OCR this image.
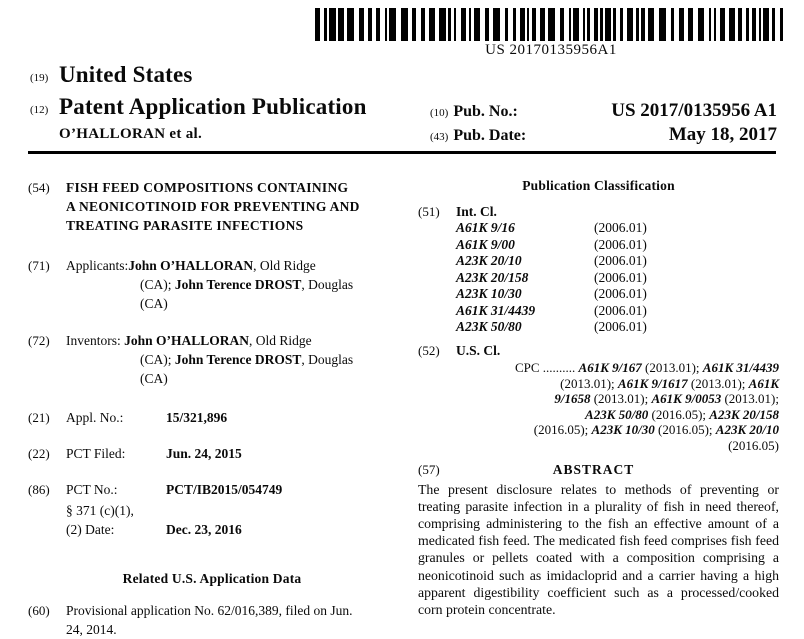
US 20170135956A1
(19) United States
(12) Patent Application Publication
O’HALLORAN et al.
(10) Pub. No.:	US 2017/0135956 A1
(43) Pub. Date:	May 18, 2017
(54)	FISH FEED COMPOSITIONS CONTAINING
A NEONICOTINOID FOR PREVENTING AND
TREATING PARASITE INFECTIONS
(71)	Applicants:John O’HALLORAN, Old Ridge
(CA); John Terence DROST, Douglas
(CA)
(72)	Inventors: John O’HALLORAN, Old Ridge
(CA); John Terence DROST, Douglas
(CA)
(21)	Appl. No.:	15/321,896
(22)	PCT Filed:	Jun. 24, 2015
(86)	PCT No.:	PCT/IB2015/054749
§ 371 (c)(1),
(2) Date:	Dec. 23, 2016
Related U.S. Application Data
(60)	Provisional application No. 62/016,389, filed on Jun.
24, 2014.
Publication Classification
(51)	Int. Cl.
A61K 9/16	(2006.01)
A61K 9/00	(2006.01)
A23K 20/10	(2006.01)
A23K 20/158	(2006.01)
A23K 10/30	(2006.01)
A61K 31/4439	(2006.01)
A23K 50/80	(2006.01)
(52)	U.S. Cl.
CPC .......... A61K 9/167 (2013.01); A61K 31/4439
(2013.01); A61K 9/1617 (2013.01); A61K
9/1658 (2013.01); A61K 9/0053 (2013.01);
A23K 50/80 (2016.05); A23K 20/158
(2016.05); A23K 10/30 (2016.05); A23K 20/10
(2016.05)
(57)	ABSTRACT
The present disclosure relates to methods of preventing or treating parasite infection in a plurality of fish in need thereof, comprising administering to the fish an effective amount of a medicated fish feed. The medicated fish feed comprises fish feed granules or pellets coated with a composition comprising a neonicotinoid such as imidacloprid and a carrier having a high apparent digestibility coefficient such as a processed/cooked corn protein concentrate.
